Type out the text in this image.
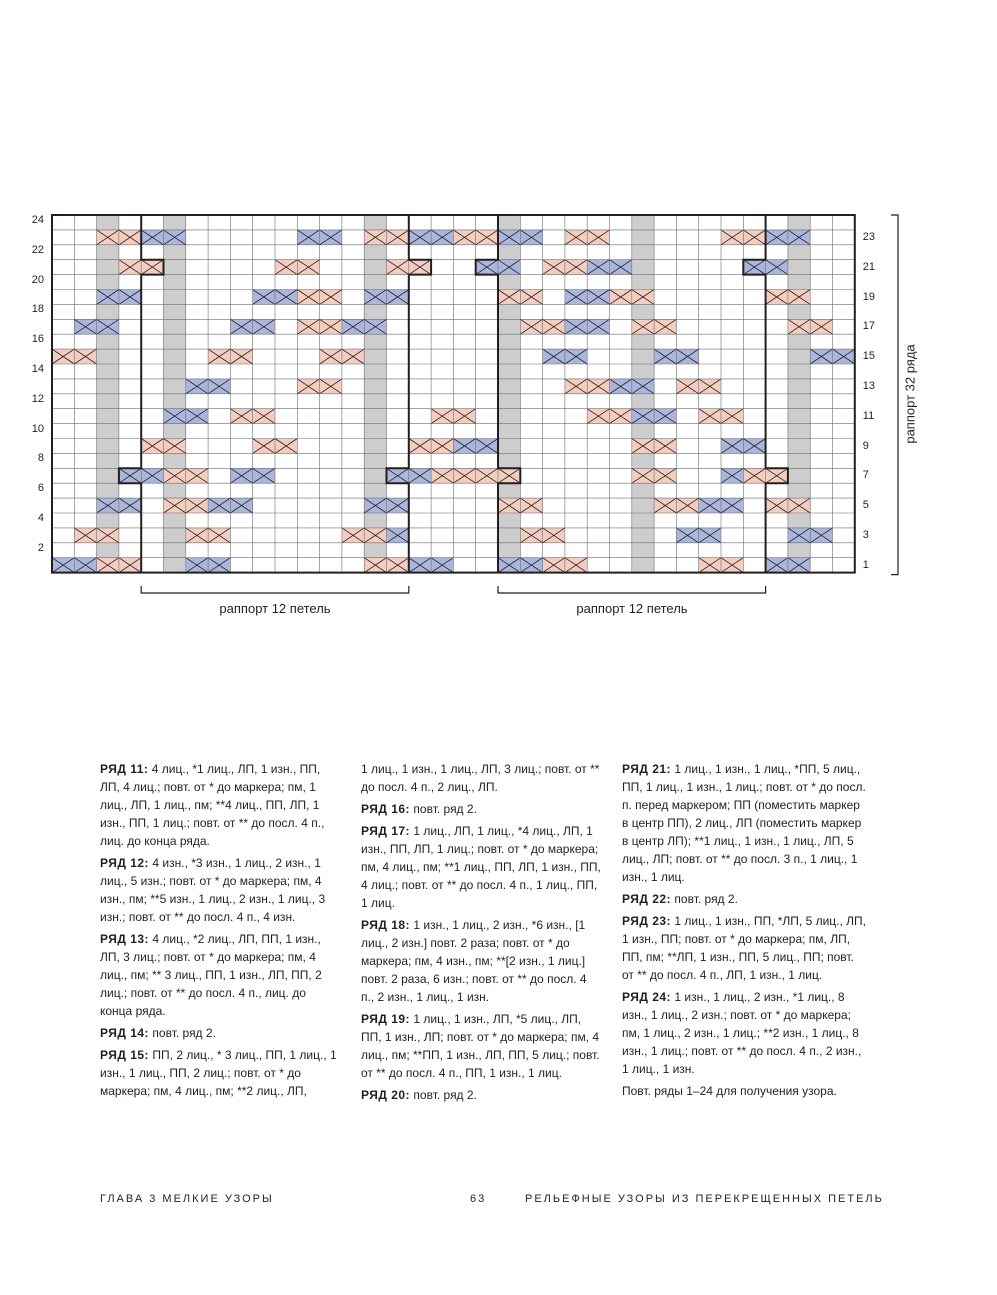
2
4
6
8
10
12
14
16
18
20
22
24
1
3
5
7
9
11
13
15
17
19
21
23
раппорт 12 петель	раппорт 12 петель
раппорт 32 ряда

РЯД 11: 4 лиц., *1 лиц., ЛП, 1 изн., ПП, ЛП, 4 лиц.; повт. от * до маркера; пм, 1 лиц., ЛП, 1 лиц., пм; **4 лиц., ПП, ЛП, 1 изн., ПП, 1 лиц.; повт. от ** до посл. 4 п., лиц. до конца ряда.

РЯД 12: 4 изн., *3 изн., 1 лиц., 2 изн., 1 лиц., 5 изн.; повт. от * до маркера; пм, 4 изн., пм; **5 изн., 1 лиц., 2 изн., 1 лиц., 3 изн.; повт. от ** до посл. 4 п., 4 изн.

РЯД 13: 4 лиц., *2 лиц., ЛП, ПП, 1 изн., ЛП, 3 лиц.; повт. от * до маркера; пм, 4 лиц., пм; ** 3 лиц., ПП, 1 изн., ЛП, ПП, 2 лиц.; повт. от ** до посл. 4 п., лиц. до конца ряда.

РЯД 14: повт. ряд 2.

РЯД 15: ПП, 2 лиц., * 3 лиц., ПП, 1 лиц., 1 изн., 1 лиц., ПП, 2 лиц.; повт. от * до маркера; пм, 4 лиц., пм; **2 лиц., ЛП,

1 лиц., 1 изн., 1 лиц., ЛП, 3 лиц.; повт. от ** до посл. 4 п., 2 лиц., ЛП.

РЯД 16: повт. ряд 2.

РЯД 17: 1 лиц., ЛП, 1 лиц., *4 лиц., ЛП, 1 изн., ПП, ЛП, 1 лиц.; повт. от * до маркера; пм, 4 лиц., пм; **1 лиц., ПП, ЛП, 1 изн., ПП, 4 лиц.; повт. от ** до посл. 4 п., 1 лиц., ПП, 1 лиц.

РЯД 18: 1 изн., 1 лиц., 2 изн., *6 изн., [1 лиц., 2 изн.] повт. 2 раза; повт. от * до маркера; пм, 4 изн., пм; **[2 изн., 1 лиц.] повт. 2 раза, 6 изн.; повт. от ** до посл. 4 п., 2 изн., 1 лиц., 1 изн.

РЯД 19: 1 лиц., 1 изн., ЛП, *5 лиц., ЛП, ПП, 1 изн., ЛП; повт. от * до маркера; пм, 4 лиц., пм; **ПП, 1 изн., ЛП, ПП, 5 лиц.; повт. от ** до посл. 4 п., ПП, 1 изн., 1 лиц.

РЯД 20: повт. ряд 2.

РЯД 21: 1 лиц., 1 изн., 1 лиц., *ПП, 5 лиц., ПП, 1 лиц., 1 изн., 1 лиц.; повт. от * до посл. п. перед маркером; ПП (поместить маркер в центр ПП), 2 лиц., ЛП (поместить маркер в центр ЛП); **1 лиц., 1 изн., 1 лиц., ЛП, 5 лиц., ЛП; повт. от ** до посл. 3 п., 1 лиц., 1 изн., 1 лиц.

РЯД 22: повт. ряд 2.

РЯД 23: 1 лиц., 1 изн., ПП, *ЛП, 5 лиц., ЛП, 1 изн., ПП; повт. от * до маркера; пм, ЛП, ПП, пм; **ЛП, 1 изн., ПП, 5 лиц., ПП; повт. от ** до посл. 4 п., ЛП, 1 изн., 1 лиц.

РЯД 24: 1 изн., 1 лиц., 2 изн., *1 лиц., 8 изн., 1 лиц., 2 изн.; повт. от * до маркера; пм, 1 лиц., 2 изн., 1 лиц.; **2 изн., 1 лиц., 8 изн., 1 лиц.; повт. от ** до посл. 4 п., 2 изн., 1 лиц., 1 изн.

Повт. ряды 1–24 для получения узора.

ГЛАВА 3 МЕЛКИЕ УЗОРЫ	63	РЕЛЬЕФНЫЕ УЗОРЫ ИЗ ПЕРЕКРЕЩЕННЫХ ПЕТЕЛЬ
